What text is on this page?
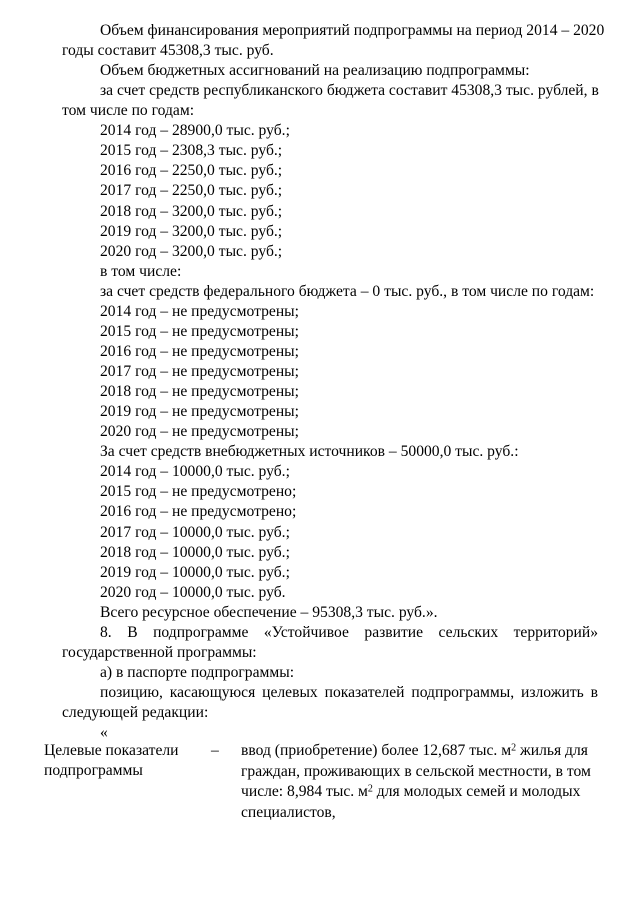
Объем финансирования мероприятий подпрограммы на период 2014 – 2020
годы составит 45308,3 тыс. руб.
Объем бюджетных ассигнований на реализацию подпрограммы:
за счет средств республиканского бюджета составит 45308,3 тыс. рублей, в
том числе по годам:
2014 год – 28900,0 тыс. руб.;
2015 год – 2308,3 тыс. руб.;
2016 год – 2250,0 тыс. руб.;
2017 год – 2250,0 тыс. руб.;
2018 год – 3200,0 тыс. руб.;
2019 год – 3200,0 тыс. руб.;
2020 год – 3200,0 тыс. руб.;
в том числе:
за счет средств федерального бюджета – 0 тыс. руб., в том числе по годам:
2014 год – не предусмотрены;
2015 год – не предусмотрены;
2016 год – не предусмотрены;
2017 год – не предусмотрены;
2018 год – не предусмотрены;
2019 год – не предусмотрены;
2020 год – не предусмотрены;
За счет средств внебюджетных источников – 50000,0 тыс. руб.:
2014 год – 10000,0 тыс. руб.;
2015 год – не предусмотрено;
2016 год – не предусмотрено;
2017 год – 10000,0 тыс. руб.;
2018 год – 10000,0 тыс. руб.;
2019 год – 10000,0 тыс. руб.;
2020 год – 10000,0 тыс. руб.
Всего ресурсное обеспечение – 95308,3 тыс. руб.».
8. В подпрограмме «Устойчивое развитие сельских территорий»
государственной программы:
а) в паспорте подпрограммы:
позицию, касающуюся целевых показателей подпрограммы, изложить в
следующей редакции:
«
Целевые показатели
подпрограммы
– ввод (приобретение) более 12,687 тыс. $м^2$ жилья для
граждан, проживающих в сельской местности, в том
числе: 8,984 тыс. $м^2$ для молодых семей и молодых
специалистов,
